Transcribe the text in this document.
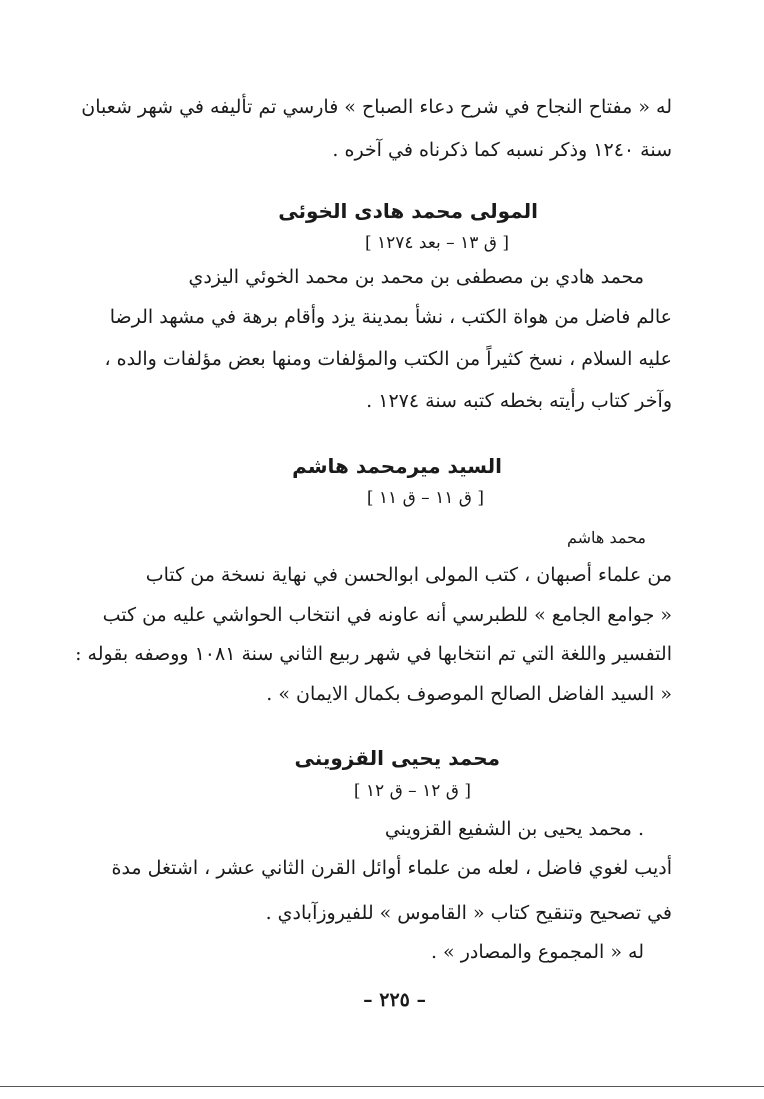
له « مفتاح النجاح في شرح دعاء الصباح » فارسي تم تأليفه في شهر شعبان
سنة ١٢٤٠ وذكر نسبه كما ذكرناه في آخره .
المولى محمد هادى الخوئى
[ ق ١٣ – بعد ١٢٧٤ ]
محمد هادي بن مصطفى بن محمد بن محمد الخوئي اليزدي
عالم فاضل من هواة الكتب ، نشأ بمدينة يزد وأقام برهة في مشهد الرضا
عليه السلام ، نسخ كثيراً من الكتب والمؤلفات ومنها بعض مؤلفات والده ،
وآخر كتاب رأيته بخطه كتبه سنة ١٢٧٤ .
السيد ميرمحمد هاشم
[ ق ١١ – ق ١١ ]
محمد هاشم
من علماء أصبهان ، كتب المولى ابوالحسن في نهاية نسخة من كتاب
« جوامع الجامع » للطبرسي أنه عاونه في انتخاب الحواشي عليه من كتب
التفسير واللغة التي تم انتخابها في شهر ربيع الثاني سنة ١٠٨١ ووصفه بقوله :
« السيد الفاضل الصالح الموصوف بكمال الايمان » .
محمد يحيى القزوينى
[ ق ١٢ – ق ١٢ ]
. محمد يحيى بن الشفيع القزويني
أديب لغوي فاضل ، لعله من علماء أوائل القرن الثاني عشر ، اشتغل مدة
في تصحيح وتنقيح كتاب « القاموس » للفيروزآبادي .
له « المجموع والمصادر » .
– ٢٢٥ –
